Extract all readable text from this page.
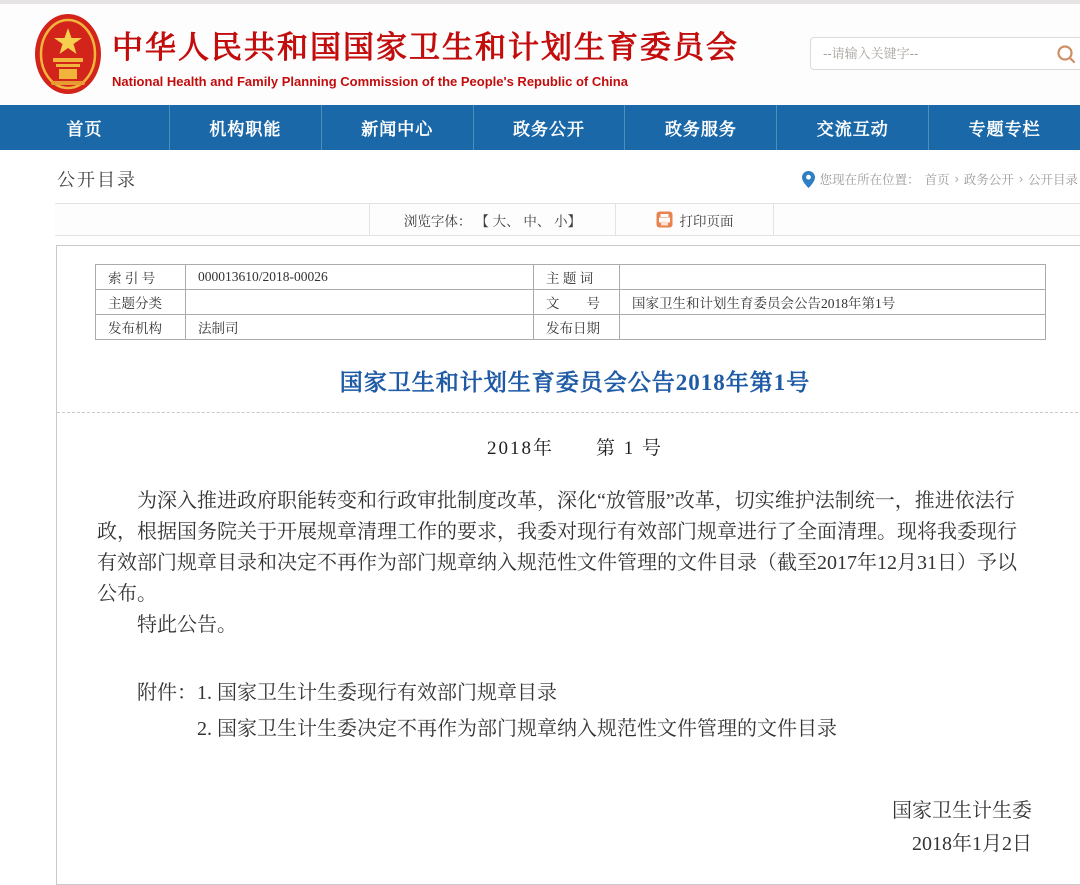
中华人民共和国国家卫生和计划生育委员会
National Health and Family Planning Commission of the People's Republic of China
--请输入关键字--
首页	机构职能	新闻中心	政务公开	政务服务	交流互动	专题专栏
公开目录	您现在所在位置： 首页 › 政务公开 › 公开目录
浏览字体： 【 大、 中、 小】	打印页面
索 引 号	000013610/2018-00026	主 题 词	
主题分类		文　　号	国家卫生和计划生育委员会公告2018年第1号
发布机构	法制司	发布日期	
国家卫生和计划生育委员会公告2018年第1号
2018年　　第 1 号

为深入推进政府职能转变和行政审批制度改革，深化“放管服”改革，切实维护法制统一，推进依法行政，根据国务院关于开展规章清理工作的要求，我委对现行有效部门规章进行了全面清理。现将我委现行有效部门规章目录和决定不再作为部门规章纳入规范性文件管理的文件目录（截至2017年12月31日）予以公布。

特此公告。

附件： 1. 国家卫生计生委现行有效部门规章目录
2. 国家卫生计生委决定不再作为部门规章纳入规范性文件管理的文件目录
国家卫生计生委
2018年1月2日
